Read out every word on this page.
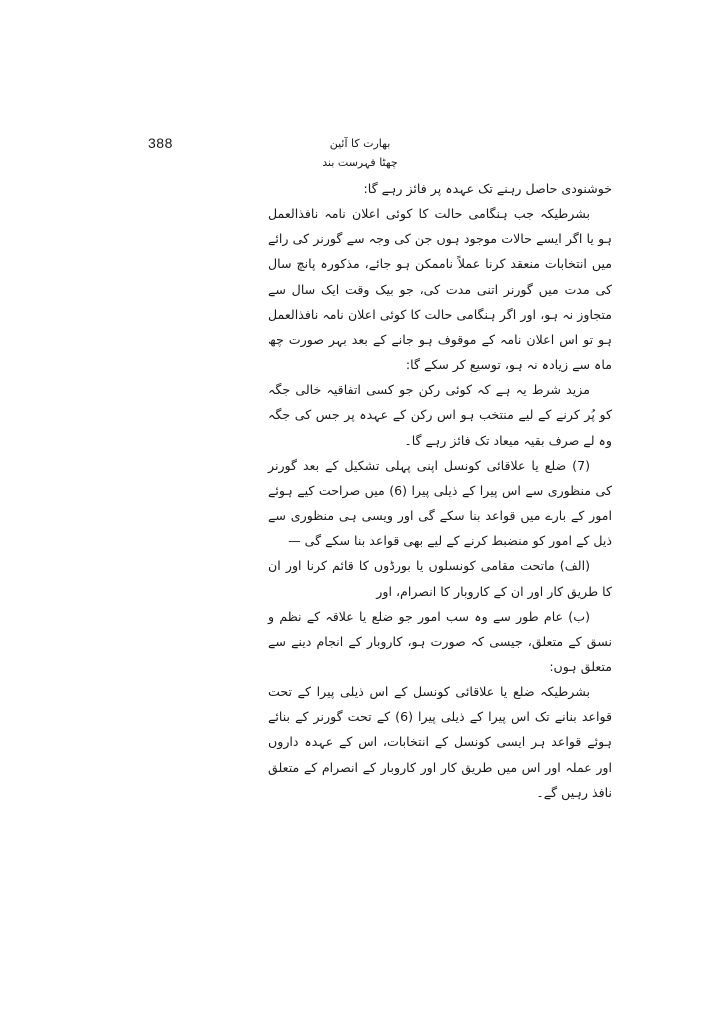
388	بھارت کا آئین
چھٹا فہرست بند

خوشنودی حاصل رہنے تک عہدہ پر فائز رہے گا:

بشرطیکہ جب ہنگامی حالت کا کوئی اعلان نامہ نافذالعمل ہو یا اگر ایسے حالات موجود ہوں جن کی وجہ سے گورنر کی رائے میں انتخابات منعقد کرنا عملاً ناممکن ہو جائے، مذکورہ پانچ سال کی مدت میں گورنر اتنی مدت کی، جو بیک وقت ایک سال سے متجاوز نہ ہو، اور اگر ہنگامی حالت کا کوئی اعلان نامہ نافذالعمل ہو تو اس اعلان نامہ کے موقوف ہو جانے کے بعد بہر صورت چھ ماہ سے زیادہ نہ ہو، توسیع کر سکے گا:

مزید شرط یہ ہے کہ کوئی رکن جو کسی اتفاقیہ خالی جگہ کو پُر کرنے کے لیے منتخب ہو اس رکن کے عہدہ پر جس کی جگہ وہ لے صرف بقیہ میعاد تک فائز رہے گا۔

(7) ضلع یا علاقائی کونسل اپنی پہلی تشکیل کے بعد گورنر کی منظوری سے اس پیرا کے ذیلی پیرا (6) میں صراحت کیے ہوئے امور کے بارے میں قواعد بنا سکے گی اور ویسی ہی منظوری سے ذیل کے امور کو منضبط کرنے کے لیے بھی قواعد بنا سکے گی —

(الف) ماتحت مقامی کونسلوں یا بورڈوں کا قائم کرنا اور ان کا طریق کار اور ان کے کاروبار کا انصرام، اور

(ب) عام طور سے وہ سب امور جو ضلع یا علاقہ کے نظم و نسق کے متعلق، جیسی کہ صورت ہو، کاروبار کے انجام دینے سے متعلق ہوں:

بشرطیکہ ضلع یا علاقائی کونسل کے اس ذیلی پیرا کے تحت قواعد بنانے تک اس پیرا کے ذیلی پیرا (6) کے تحت گورنر کے بنائے ہوئے قواعد ہر ایسی کونسل کے انتخابات، اس کے عہدہ داروں اور عملہ اور اس میں طریق کار اور کاروبار کے انصرام کے متعلق نافذ رہیں گے۔
